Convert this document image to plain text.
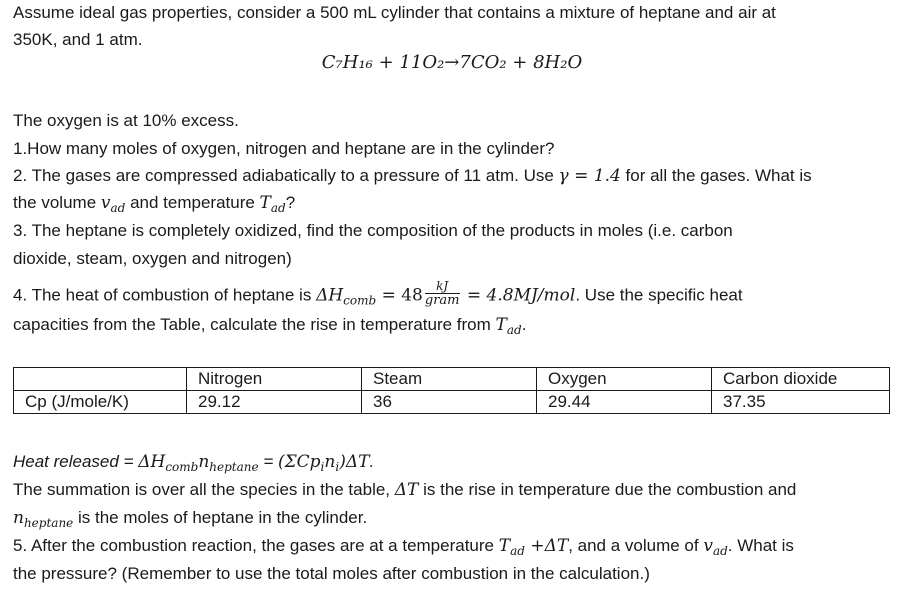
Assume ideal gas properties, consider a 500 mL cylinder that contains a mixture of heptane and air at
350K, and 1 atm.
C₇H₁₆ + 11O₂→7CO₂ + 8H₂O
The oxygen is at 10% excess.
1.How many moles of oxygen, nitrogen and heptane are in the cylinder?
2. The gases are compressed adiabatically to a pressure of 11 atm. Use γ = 1.4 for all the gases. What is
the volume $v_{ad}$ and temperature $T_{ad}$?
3. The heptane is completely oxidized, find the composition of the products in moles (i.e. carbon
dioxide, steam, oxygen and nitrogen)
4. The heat of combustion of heptane is $\Delta H_{comb} = 48 \frac{kJ}{\text{gram}} = 4.8MJ/mol$. Use the specific heat
capacities from the Table, calculate the rise in temperature from $T_{ad}$.
	Nitrogen	Steam	Oxygen	Carbon dioxide
Cp (J/mole/K)	29.12	36	29.44	37.35
Heat released = $\Delta H_{comb}n_{heptane} = (\Sigma Cp_in_i)\Delta T$.
The summation is over all the species in the table, ΔT is the rise in temperature due the combustion and
$n_{heptane}$ is the moles of heptane in the cylinder.
5. After the combustion reaction, the gases are at a temperature $T_{ad} +\Delta T$, and a volume of $v_{ad}$. What is
the pressure? (Remember to use the total moles after combustion in the calculation.)
